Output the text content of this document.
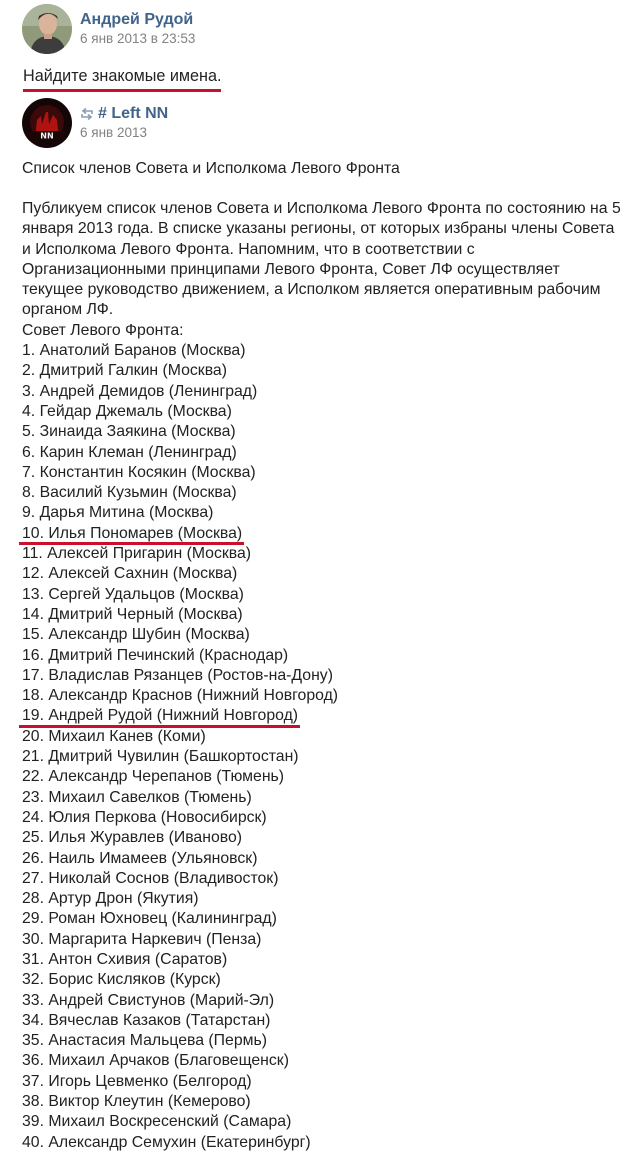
Андрей Рудой
6 янв 2013 в 23:53
Найдите знакомые имена.
NN
# Left NN
6 янв 2013
Список членов Совета и Исполкома Левого Фронта
Публикуем список членов Совета и Исполкома Левого Фронта по состоянию на 5 января 2013 года. В списке указаны регионы, от которых избраны члены Совета и Исполкома Левого Фронта. Напомним, что в соответствии с Организационными принципами Левого Фронта, Совет ЛФ осуществляет текущее руководство движением, а Исполком является оперативным рабочим органом ЛФ.
Совет Левого Фронта:
1. Анатолий Баранов (Москва)
2. Дмитрий Галкин (Москва)
3. Андрей Демидов (Ленинград)
4. Гейдар Джемаль (Москва)
5. Зинаида Заякина (Москва)
6. Карин Клеман (Ленинград)
7. Константин Косякин (Москва)
8. Василий Кузьмин (Москва)
9. Дарья Митина (Москва)
10. Илья Пономарев (Москва)
11. Алексей Пригарин (Москва)
12. Алексей Сахнин (Москва)
13. Сергей Удальцов (Москва)
14. Дмитрий Черный (Москва)
15. Александр Шубин (Москва)
16. Дмитрий Печинский (Краснодар)
17. Владислав Рязанцев (Ростов-на-Дону)
18. Александр Краснов (Нижний Новгород)
19. Андрей Рудой (Нижний Новгород)
20. Михаил Канев (Коми)
21. Дмитрий Чувилин (Башкортостан)
22. Александр Черепанов (Тюмень)
23. Михаил Савелков (Тюмень)
24. Юлия Перкова (Новосибирск)
25. Илья Журавлев (Иваново)
26. Наиль Имамеев (Ульяновск)
27. Николай Соснов (Владивосток)
28. Артур Дрон (Якутия)
29. Роман Юхновец (Калининград)
30. Маргарита Наркевич (Пенза)
31. Антон Схивия (Саратов)
32. Борис Кисляков (Курск)
33. Андрей Свистунов (Марий-Эл)
34. Вячеслав Казаков (Татарстан)
35. Анастасия Мальцева (Пермь)
36. Михаил Арчаков (Благовещенск)
37. Игорь Цевменко (Белгород)
38. Виктор Клеутин (Кемерово)
39. Михаил Воскресенский (Самара)
40. Александр Семухин (Екатеринбург)
